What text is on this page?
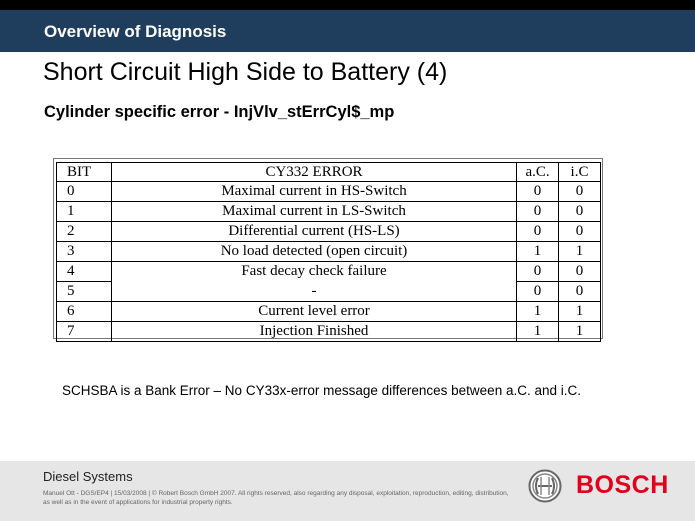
Overview of Diagnosis
Short Circuit High Side to Battery (4)
Cylinder specific error - InjVlv_stErrCyl$_mp
BIT	CY332 ERROR	a.C.	i.C
0	Maximal current in HS-Switch	0	0
1	Maximal current in LS-Switch	0	0
2	Differential current (HS-LS)	0	0
3	No load detected (open circuit)	1	1
4	Fast decay check failure	0	0
5	-	0	0
6	Current level error	1	1
7	Injection Finished	1	1
SCHSBA is a Bank Error – No CY33x-error message differences between a.C. and i.C.
Diesel Systems
Manuel Ott - DGS/EP4 | 15/03/2008 | © Robert Bosch GmbH 2007. All rights reserved, also regarding any disposal, exploitation, reproduction, editing, distribution, as well as in the event of applications for industrial property rights.
BOSCH
